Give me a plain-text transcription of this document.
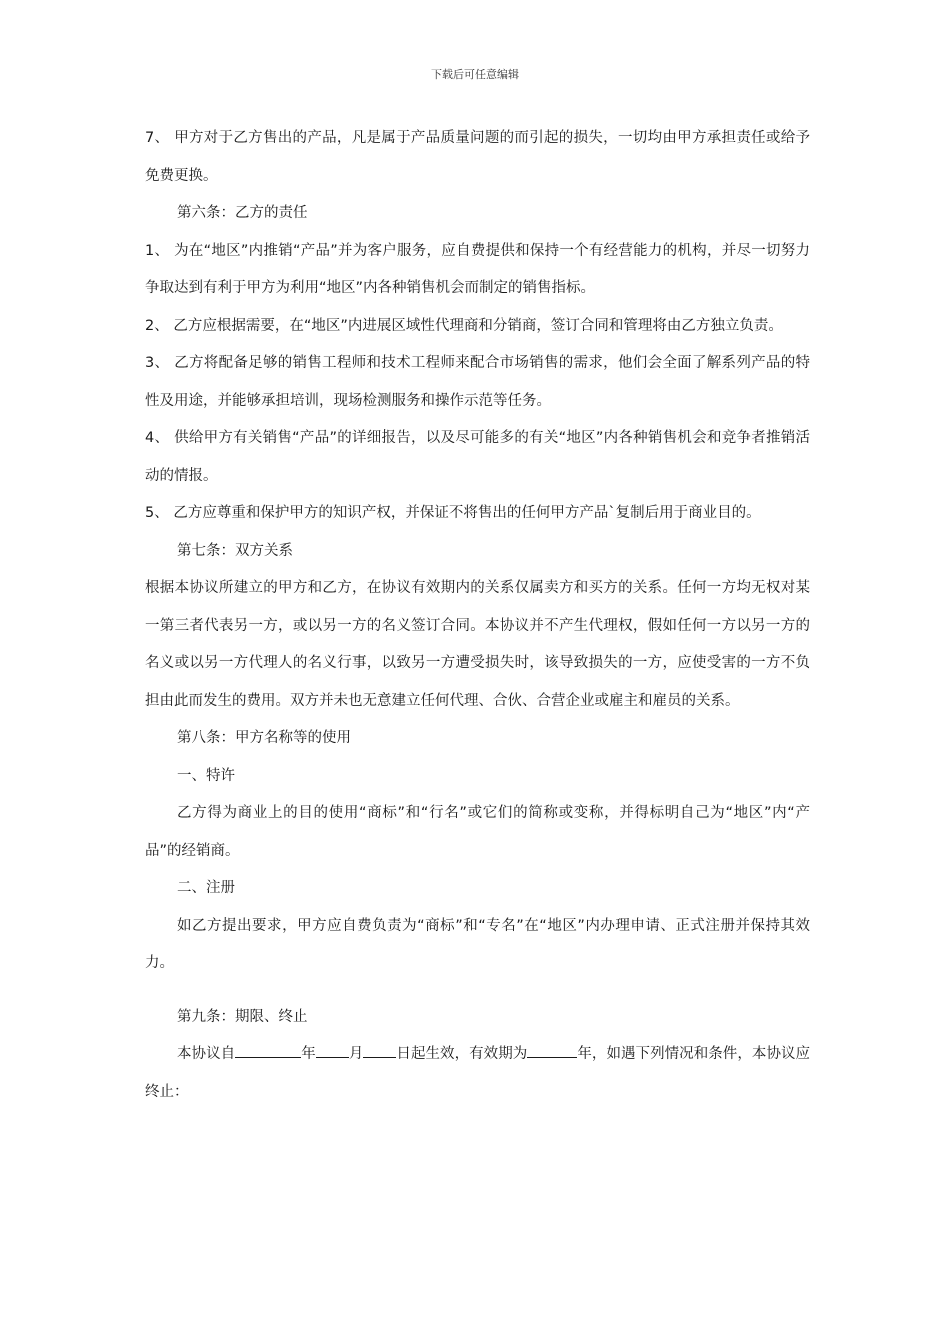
下载后可任意编辑

7、 甲方对于乙方售出的产品，凡是属于产品质量问题的而引起的损失，一切均由甲方承担责任或给予免费更换。

第六条：乙方的责任

1、 为在“地区”内推销“产品”并为客户服务，应自费提供和保持一个有经营能力的机构，并尽一切努力争取达到有利于甲方为利用“地区”内各种销售机会而制定的销售指标。

2、 乙方应根据需要，在“地区”内进展区域性代理商和分销商，签订合同和管理将由乙方独立负责。

3、 乙方将配备足够的销售工程师和技术工程师来配合市场销售的需求，他们会全面了解系列产品的特性及用途，并能够承担培训，现场检测服务和操作示范等任务。

4、 供给甲方有关销售“产品”的详细报告，以及尽可能多的有关“地区”内各种销售机会和竞争者推销活动的情报。

5、 乙方应尊重和保护甲方的知识产权，并保证不将售出的任何甲方产品`复制后用于商业目的。

第七条：双方关系

根据本协议所建立的甲方和乙方，在协议有效期内的关系仅属卖方和买方的关系。任何一方均无权对某一第三者代表另一方，或以另一方的名义签订合同。本协议并不产生代理权，假如任何一方以另一方的名义或以另一方代理人的名义行事，以致另一方遭受损失时，该导致损失的一方，应使受害的一方不负担由此而发生的费用。双方并未也无意建立任何代理、合伙、合营企业或雇主和雇员的关系。

第八条：甲方名称等的使用

一、特许

乙方得为商业上的目的使用“商标”和“行名”或它们的简称或变称，并得标明自己为“地区”内“产品”的经销商。

二、注册

如乙方提出要求，甲方应自费负责为“商标”和“专名”在“地区”内办理申请、正式注册并保持其效力。

第九条：期限、终止

本协议自	年 月 日起生效，有效期为	年，如遇下列情况和条件，本协议应终止：
